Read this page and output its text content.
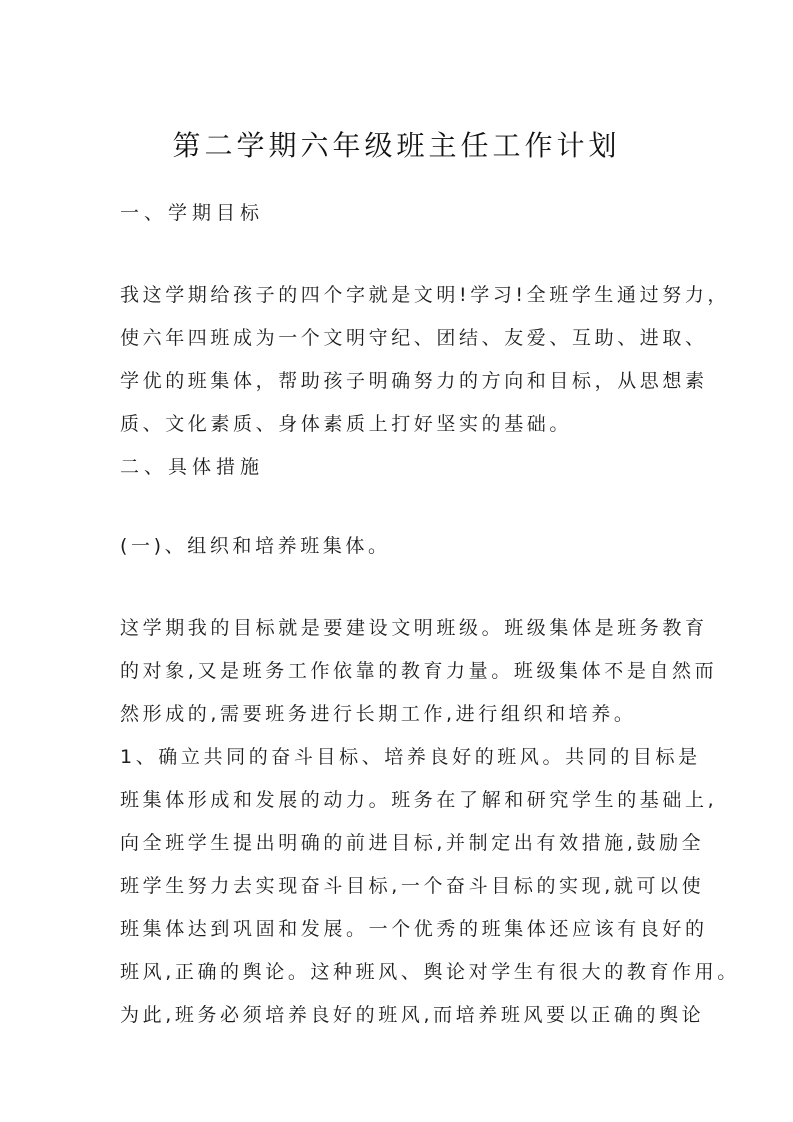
第二学期六年级班主任工作计划
一、学期目标
我这学期给孩子的四个字就是文明!学习!全班学生通过努力，
使六年四班成为一个文明守纪、团结、友爱、互助、进取、
学优的班集体，帮助孩子明确努力的方向和目标，从思想素
质、文化素质、身体素质上打好坚实的基础。
二、具体措施
(一)、组织和培养班集体。
这学期我的目标就是要建设文明班级。班级集体是班务教育
的对象,又是班务工作依靠的教育力量。班级集体不是自然而
然形成的,需要班务进行长期工作,进行组织和培养。
1、确立共同的奋斗目标、培养良好的班风。共同的目标是
班集体形成和发展的动力。班务在了解和研究学生的基础上,
向全班学生提出明确的前进目标,并制定出有效措施,鼓励全
班学生努力去实现奋斗目标,一个奋斗目标的实现,就可以使
班集体达到巩固和发展。一个优秀的班集体还应该有良好的
班风,正确的舆论。这种班风、舆论对学生有很大的教育作用。
为此,班务必须培养良好的班风,而培养班风要以正确的舆论
